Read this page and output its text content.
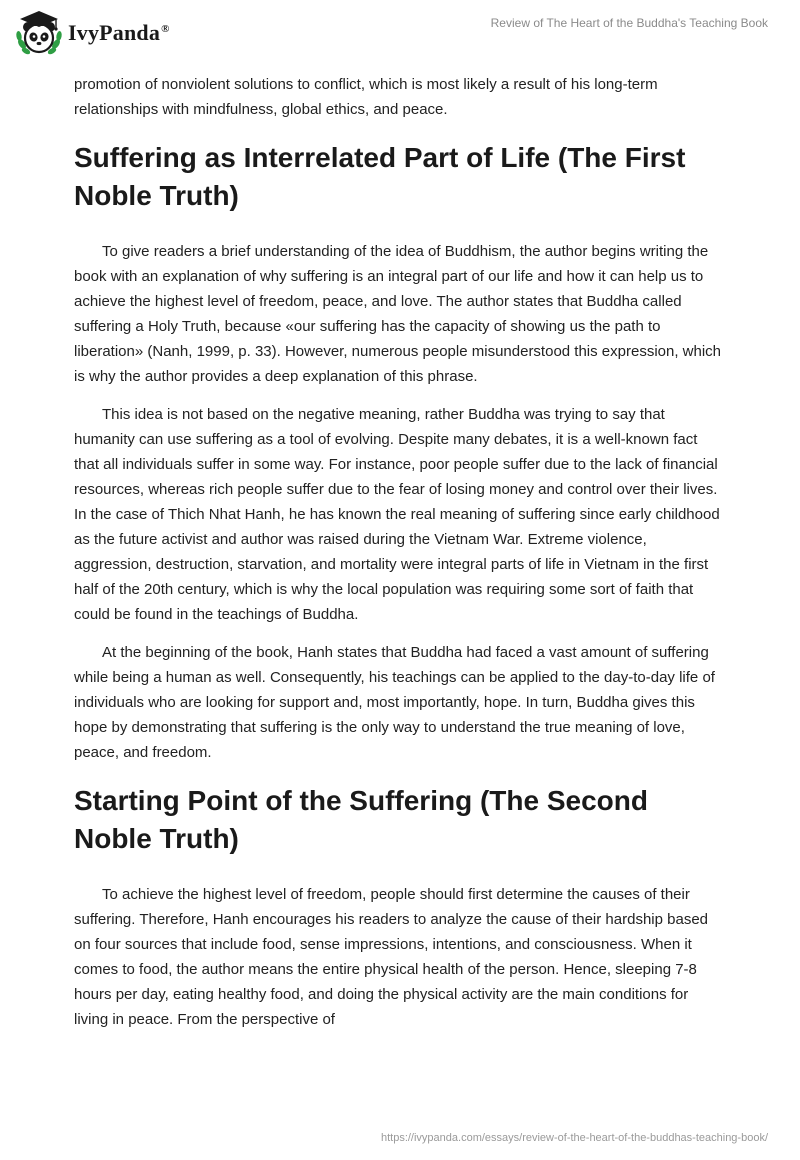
IvyPanda®	Review of The Heart of the Buddha's Teaching Book

promotion of nonviolent solutions to conflict, which is most likely a result of his long-term relationships with mindfulness, global ethics, and peace.

Suffering as Interrelated Part of Life (The First Noble Truth)

To give readers a brief understanding of the idea of Buddhism, the author begins writing the book with an explanation of why suffering is an integral part of our life and how it can help us to achieve the highest level of freedom, peace, and love. The author states that Buddha called suffering a Holy Truth, because «our suffering has the capacity of showing us the path to liberation» (Nanh, 1999, p. 33). However, numerous people misunderstood this expression, which is why the author provides a deep explanation of this phrase.

This idea is not based on the negative meaning, rather Buddha was trying to say that humanity can use suffering as a tool of evolving. Despite many debates, it is a well-known fact that all individuals suffer in some way. For instance, poor people suffer due to the lack of financial resources, whereas rich people suffer due to the fear of losing money and control over their lives. In the case of Thich Nhat Hanh, he has known the real meaning of suffering since early childhood as the future activist and author was raised during the Vietnam War. Extreme violence, aggression, destruction, starvation, and mortality were integral parts of life in Vietnam in the first half of the 20th century, which is why the local population was requiring some sort of faith that could be found in the teachings of Buddha.

At the beginning of the book, Hanh states that Buddha had faced a vast amount of suffering while being a human as well. Consequently, his teachings can be applied to the day-to-day life of individuals who are looking for support and, most importantly, hope. In turn, Buddha gives this hope by demonstrating that suffering is the only way to understand the true meaning of love, peace, and freedom.

Starting Point of the Suffering (The Second Noble Truth)

To achieve the highest level of freedom, people should first determine the causes of their suffering. Therefore, Hanh encourages his readers to analyze the cause of their hardship based on four sources that include food, sense impressions, intentions, and consciousness. When it comes to food, the author means the entire physical health of the person. Hence, sleeping 7-8 hours per day, eating healthy food, and doing the physical activity are the main conditions for living in peace. From the perspective of

https://ivypanda.com/essays/review-of-the-heart-of-the-buddhas-teaching-book/
